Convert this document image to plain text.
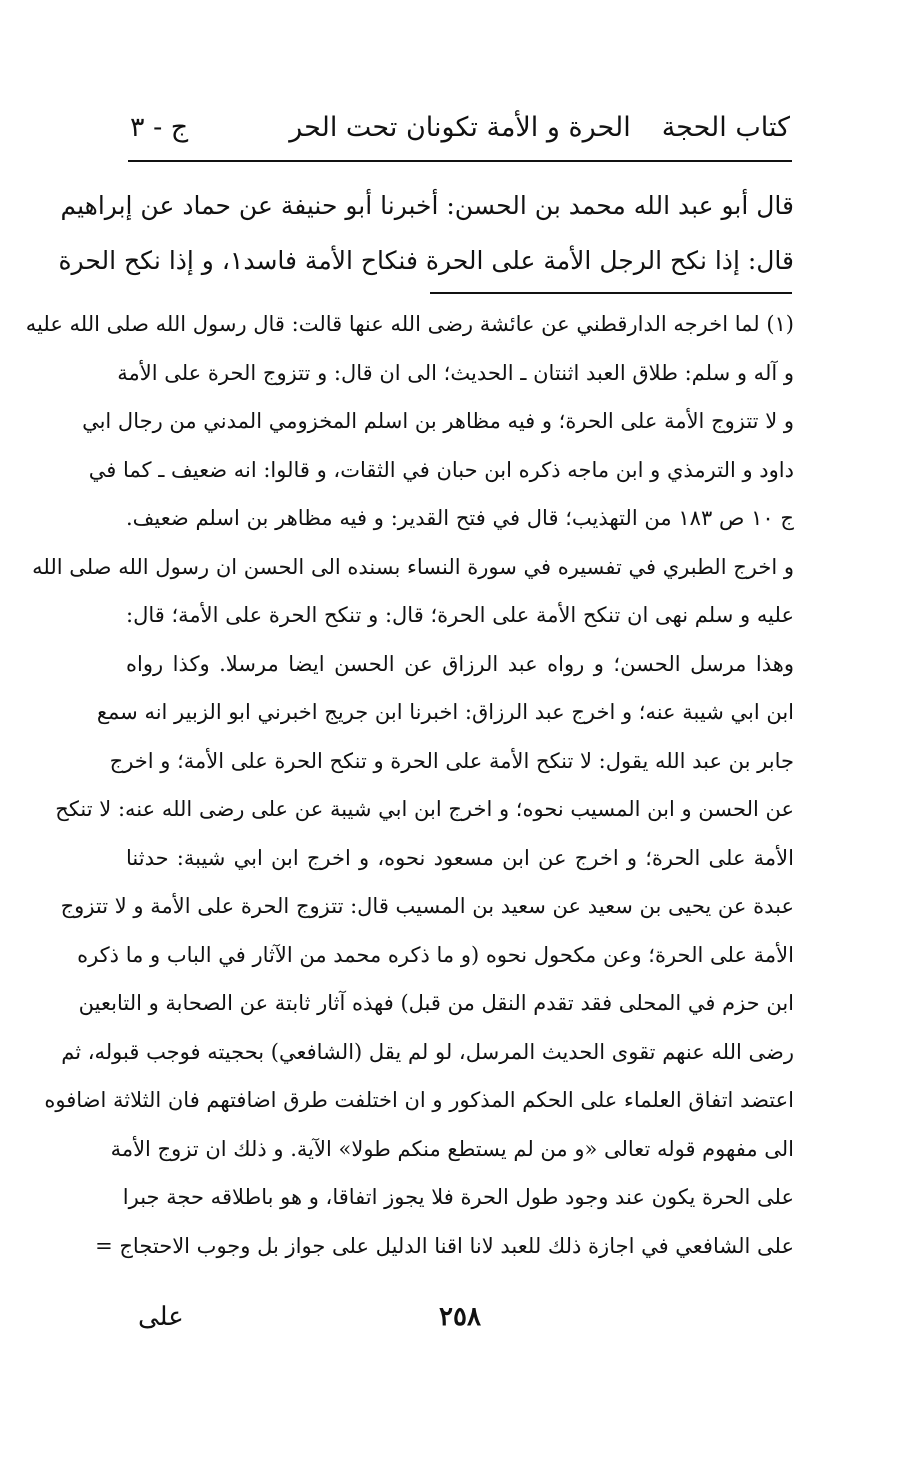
كتاب الحجة
الحرة و الأمة تكونان تحت الحر
ج - ٣
قال أبو عبد الله محمد بن الحسن: أخبرنا أبو حنيفة عن حماد عن إبراهيم
قال: إذا نكح الرجل الأمة على الحرة فنكاح الأمة فاسد١، و إذا نكح الحرة
(١) لما اخرجه الدارقطني عن عائشة رضى الله عنها قالت: قال رسول الله صلى الله عليه
و آله و سلم: طلاق العبد اثنتان ـ الحديث؛ الى ان قال: و تتزوج الحرة على الأمة
و لا تتزوج الأمة على الحرة؛ و فيه مظاهر بن اسلم المخزومي المدني من رجال ابي
داود و الترمذي و ابن ماجه ذكره ابن حبان في الثقات، و قالوا: انه ضعيف ـ كما في
ج ١٠ ص ١٨٣ من التهذيب؛ قال في فتح القدير: و فيه مظاهر بن اسلم ضعيف.
و اخرج الطبري في تفسيره في سورة النساء بسنده الى الحسن ان رسول الله صلى الله
عليه و سلم نهى ان تنكح الأمة على الحرة؛ قال: و تنكح الحرة على الأمة؛ قال:
وهذا مرسل الحسن؛ و رواه عبد الرزاق عن الحسن ايضا مرسلا. وكذا رواه
ابن ابي شيبة عنه؛ و اخرج عبد الرزاق: اخبرنا ابن جريج اخبرني ابو الزبير انه سمع
جابر بن عبد الله يقول: لا تنكح الأمة على الحرة و تنكح الحرة على الأمة؛ و اخرج
عن الحسن و ابن المسيب نحوه؛ و اخرج ابن ابي شيبة عن على رضى الله عنه: لا تنكح
الأمة على الحرة؛ و اخرج عن ابن مسعود نحوه، و اخرج ابن ابي شيبة: حدثنا
عبدة عن يحيى بن سعيد عن سعيد بن المسيب قال: تتزوج الحرة على الأمة و لا تتزوج
الأمة على الحرة؛ وعن مكحول نحوه (و ما ذكره محمد من الآثار في الباب و ما ذكره
ابن حزم في المحلى فقد تقدم النقل من قبل) فهذه آثار ثابتة عن الصحابة و التابعين
رضى الله عنهم تقوى الحديث المرسل، لو لم يقل (الشافعي) بحجيته فوجب قبوله، ثم
اعتضد اتفاق العلماء على الحكم المذكور و ان اختلفت طرق اضافتهم فان الثلاثة اضافوه
الى مفهوم قوله تعالى «و من لم يستطع منكم طولا» الآية. و ذلك ان تزوج الأمة
على الحرة يكون عند وجود طول الحرة فلا يجوز اتفاقا، و هو باطلاقه حجة جبرا
على الشافعي في اجازة ذلك للعبد لانا اقنا الدليل على جواز بل وجوب الاحتجاج =
٢٥٨
على
